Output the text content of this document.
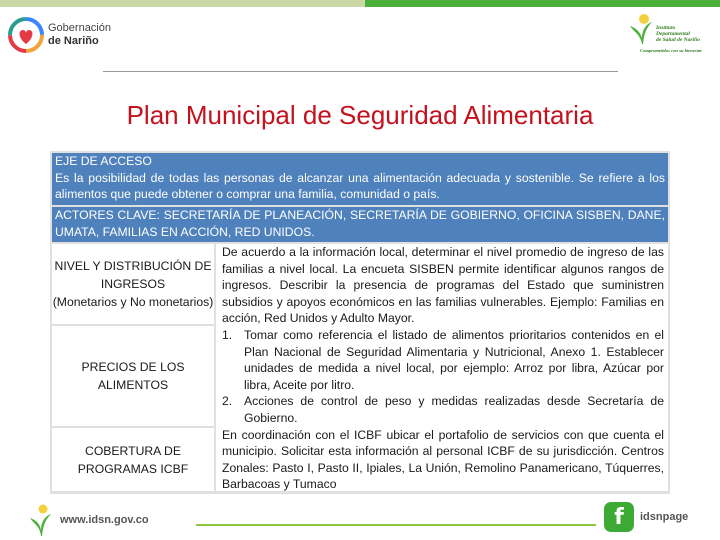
Gobernación
de Nariño
Instituto
Departamental
de Salud de Nariño
Comprometidos con su bienestar
Plan Municipal de Seguridad Alimentaria
EJE DE ACCESO
Es la posibilidad de todas las personas de alcanzar una alimentación adecuada y sostenible. Se refiere a los alimentos que puede obtener o comprar una familia, comunidad o país.
ACTORES CLAVE: SECRETARÍA DE PLANEACIÓN, SECRETARÍA DE GOBIERNO, OFICINA SISBEN, DANE, UMATA, FAMILIAS EN ACCIÓN, RED UNIDOS.
NIVEL Y DISTRIBUCIÓN DE INGRESOS
(Monetarios y No monetarios)
PRECIOS DE LOS ALIMENTOS
COBERTURA DE PROGRAMAS ICBF

De acuerdo a la información local, determinar el nivel promedio de ingreso de las familias a nivel local. La encueta SISBEN permite identificar algunos rangos de ingresos. Describir la presencia de programas del Estado que suministren subsidios y apoyos económicos en las familias vulnerables. Ejemplo: Familias en acción, Red Unidos y Adulto Mayor.

1. Tomar como referencia el listado de alimentos prioritarios contenidos en el Plan Nacional de Seguridad Alimentaria y Nutricional, Anexo 1. Establecer unidades de medida a nivel local, por ejemplo: Arroz por libra, Azúcar por libra, Aceite por litro.
2. Acciones de control de peso y medidas realizadas desde Secretaría de Gobierno.

En coordinación con el ICBF ubicar el portafolio de servicios con que cuenta el municipio. Solicitar esta información al personal ICBF de su jurisdicción. Centros Zonales: Pasto I, Pasto II, Ipiales, La Unión, Remolino Panamericano, Túquerres, Barbacoas y Tumaco

www.idsn.gov.co	f	idsnpage
